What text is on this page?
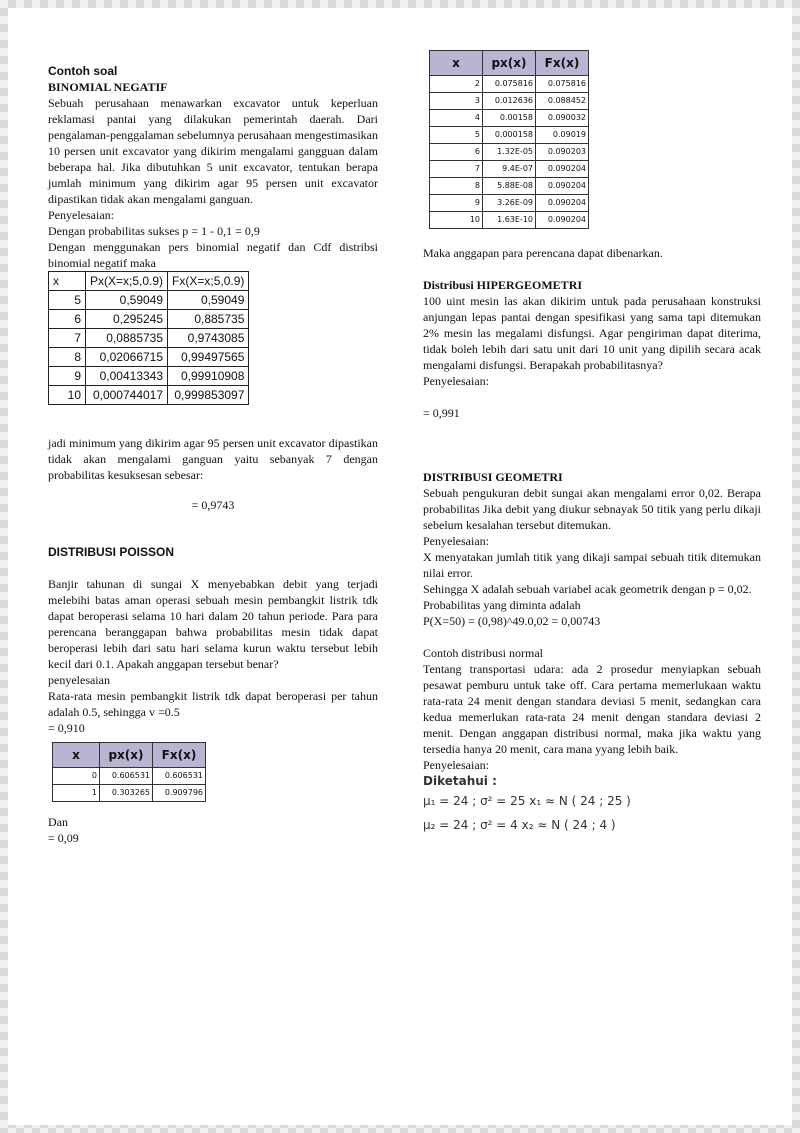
Contoh soal
BINOMIAL NEGATIF

Sebuah perusahaan menawarkan excavator untuk keperluan reklamasi pantai yang dilakukan pemerintah daerah. Dari pengalaman-penggalaman sebelumnya perusahaan mengestimasikan 10 persen unit excavator yang dikirim mengalami gangguan dalam beberapa hal. Jika dibutuhkan 5 unit excavator, tentukan berapa jumlah minimum yang dikirim agar 95 persen unit excavator dipastikan tidak akan mengalami ganguan.

Penyelesaian:

Dengan probabilitas sukses p = 1 - 0,1 = 0,9

Dengan menggunakan pers binomial negatif dan Cdf distribsi binomial negatif maka

x	Px(X=x;5,0.9)	Fx(X=x;5,0.9)
5	0,59049	0,59049
6	0,295245	0,885735
7	0,0885735	0,9743085
8	0,02066715	0,99497565
9	0,00413343	0,99910908
10	0,000744017	0,999853097

jadi minimum yang dikirim agar 95 persen unit excavator dipastikan tidak akan mengalami ganguan yaitu sebanyak 7 dengan probabilitas kesuksesan sebesar:

= 0,9743

DISTRIBUSI POISSON

Banjir tahunan di sungai X menyebabkan debit yang terjadi melebihi batas aman operasi sebuah mesin pembangkit listrik tdk dapat beroperasi selama 10 hari dalam 20 tahun periode. Para para perencana beranggapan bahwa probabilitas mesin tidak dapat beroperasi lebih dari satu hari selama kurun waktu tersebut lebih kecil dari 0.1. Apakah anggapan tersebut benar?

penyelesaian

Rata-rata mesin pembangkit listrik tdk dapat beroperasi per tahun adalah 0.5, sehingga v =0.5

= 0,910

x	px(x)	Fx(x)
0	0.606531	0.606531
1	0.303265	0.909796

Dan

= 0,09

x	px(x)	Fx(x)
2	0.075816	0.075816
3	0.012636	0.088452
4	0.00158	0.090032
5	0.000158	0.09019
6	1.32E-05	0.090203
7	9.4E-07	0.090204
8	5.88E-08	0.090204
9	3.26E-09	0.090204
10	1.63E-10	0.090204

Maka anggapan para perencana dapat dibenarkan.

Distribusi HIPERGEOMETRI

100 uint mesin las akan dikirim untuk pada perusahaan konstruksi anjungan lepas pantai dengan spesifikasi yang sama tapi ditemukan 2% mesin las megalami disfungsi. Agar pengiriman dapat diterima, tidak boleh lebih dari satu unit dari 10 unit yang dipilih secara acak mengalami disfungsi. Berapakah probabilitasnya?

Penyelesaian:

= 0,991

DISTRIBUSI GEOMETRI

Sebuah pengukuran debit sungai akan mengalami error 0,02. Berapa probabilitas Jika debit yang diukur sebnayak 50 titik yang perlu dikaji sebelum kesalahan tersebut ditemukan.

Penyelesaian:

X menyatakan jumlah titik yang dikaji sampai sebuah titik ditemukan nilai error.

Sehingga X adalah sebuah variabel acak geometrik dengan p = 0,02.

Probabilitas yang diminta adalah

P(X=50) = (0,98)^49.0,02 = 0,00743

Contoh distribusi normal

Tentang transportasi udara: ada 2 prosedur menyiapkan sebuah pesawat pemburu untuk take off. Cara pertama memerlukaan waktu rata-rata 24 menit dengan standara deviasi 5 menit, sedangkan cara kedua memerlukan rata-rata 24 menit dengan standara deviasi 2 menit. Dengan anggapan distribusi normal, maka jika waktu yang tersedia hanya 20 menit, cara mana yyang lebih baik.

Penyelesaian:

Diketahui :
μ₁ = 24 ; σ² = 25 x₁ ≈ N ( 24 ; 25 )
μ₂ = 24 ; σ² = 4 x₂ ≈ N ( 24 ; 4 )
